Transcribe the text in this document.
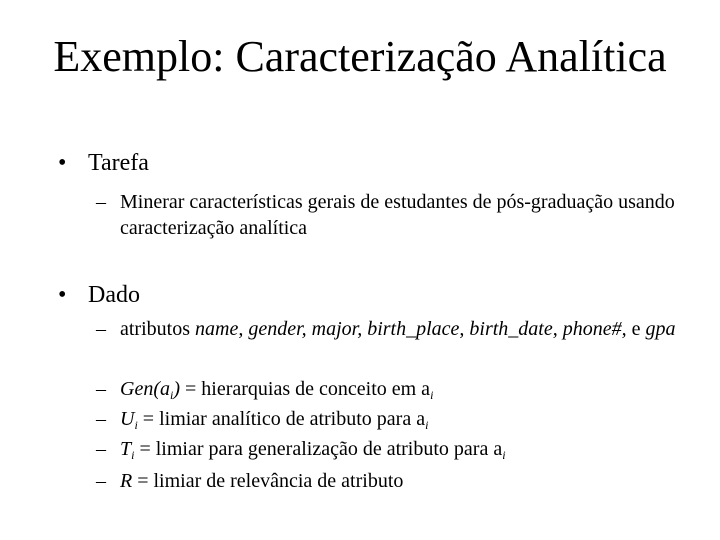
Exemplo: Caracterização Analítica
• Tarefa
– Minerar características gerais de estudantes de pós-graduação usando caracterização analítica
• Dado
– atributos name, gender, major, birth_place, birth_date, phone#, e gpa
– $Gen(a_i)$ = hierarquias de conceito em $a_i$
– $U_i$ = limiar analítico de atributo para $a_i$
– $T_i$ = limiar para generalização de atributo para $a_i$
– R = limiar de relevância de atributo
